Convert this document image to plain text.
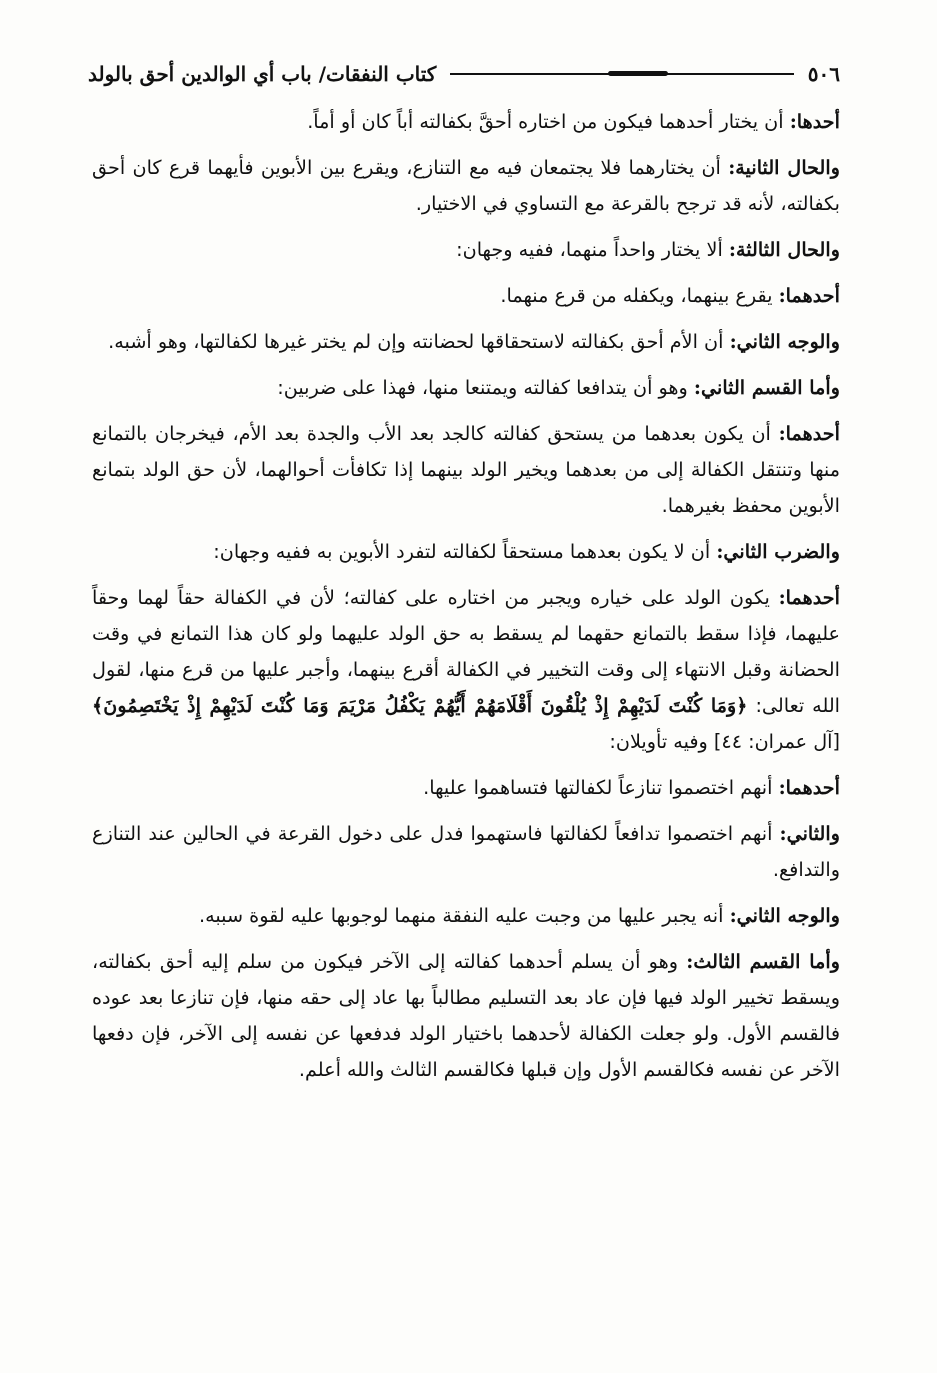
٥٠٦
كتاب النفقات/ باب أي الوالدين أحق بالولد

أحدها: أن يختار أحدهما فيكون من اختاره أحقَّ بكفالته أباً كان أو أماً.

والحال الثانية: أن يختارهما فلا يجتمعان فيه مع التنازع، ويقرع بين الأبوين فأيهما قرع كان أحق بكفالته، لأنه قد ترجح بالقرعة مع التساوي في الاختيار.

والحال الثالثة: ألا يختار واحداً منهما، ففيه وجهان:

أحدهما: يقرع بينهما، ويكفله من قرع منهما.

والوجه الثاني: أن الأم أحق بكفالته لاستحقاقها لحضانته وإن لم يختر غيرها لكفالتها، وهو أشبه.

وأما القسم الثاني: وهو أن يتدافعا كفالته ويمتنعا منها، فهذا على ضربين:

أحدهما: أن يكون بعدهما من يستحق كفالته كالجد بعد الأب والجدة بعد الأم، فيخرجان بالتمانع منها وتنتقل الكفالة إلى من بعدهما ويخير الولد بينهما إذا تكافأت أحوالهما، لأن حق الولد بتمانع الأبوين محفظ بغيرهما.

والضرب الثاني: أن لا يكون بعدهما مستحقاً لكفالته لتفرد الأبوين به ففيه وجهان:

أحدهما: يكون الولد على خياره ويجبر من اختاره على كفالته؛ لأن في الكفالة حقاً لهما وحقاً عليهما، فإذا سقط بالتمانع حقهما لم يسقط به حق الولد عليهما ولو كان هذا التمانع في وقت الحضانة وقبل الانتهاء إلى وقت التخيير في الكفالة أقرع بينهما، وأجبر عليها من قرع منها، لقول الله تعالى: ﴿وَمَا كُنْتَ لَدَيْهِمْ إِذْ يُلْقُونَ أَقْلَامَهُمْ أَيُّهُمْ يَكْفُلُ مَرْيَمَ وَمَا كُنْتَ لَدَيْهِمْ إِذْ يَخْتَصِمُونَ﴾ [آل عمران: ٤٤] وفيه تأويلان:

أحدهما: أنهم اختصموا تنازعاً لكفالتها فتساهموا عليها.

والثاني: أنهم اختصموا تدافعاً لكفالتها فاستهموا فدل على دخول القرعة في الحالين عند التنازع والتدافع.

والوجه الثاني: أنه يجبر عليها من وجبت عليه النفقة منهما لوجوبها عليه لقوة سببه.

وأما القسم الثالث: وهو أن يسلم أحدهما كفالته إلى الآخر فيكون من سلم إليه أحق بكفالته، ويسقط تخيير الولد فيها فإن عاد بعد التسليم مطالباً بها عاد إلى حقه منها، فإن تنازعا بعد عوده فالقسم الأول. ولو جعلت الكفالة لأحدهما باختيار الولد فدفعها عن نفسه إلى الآخر، فإن دفعها الآخر عن نفسه فكالقسم الأول وإن قبلها فكالقسم الثالث والله أعلم.
